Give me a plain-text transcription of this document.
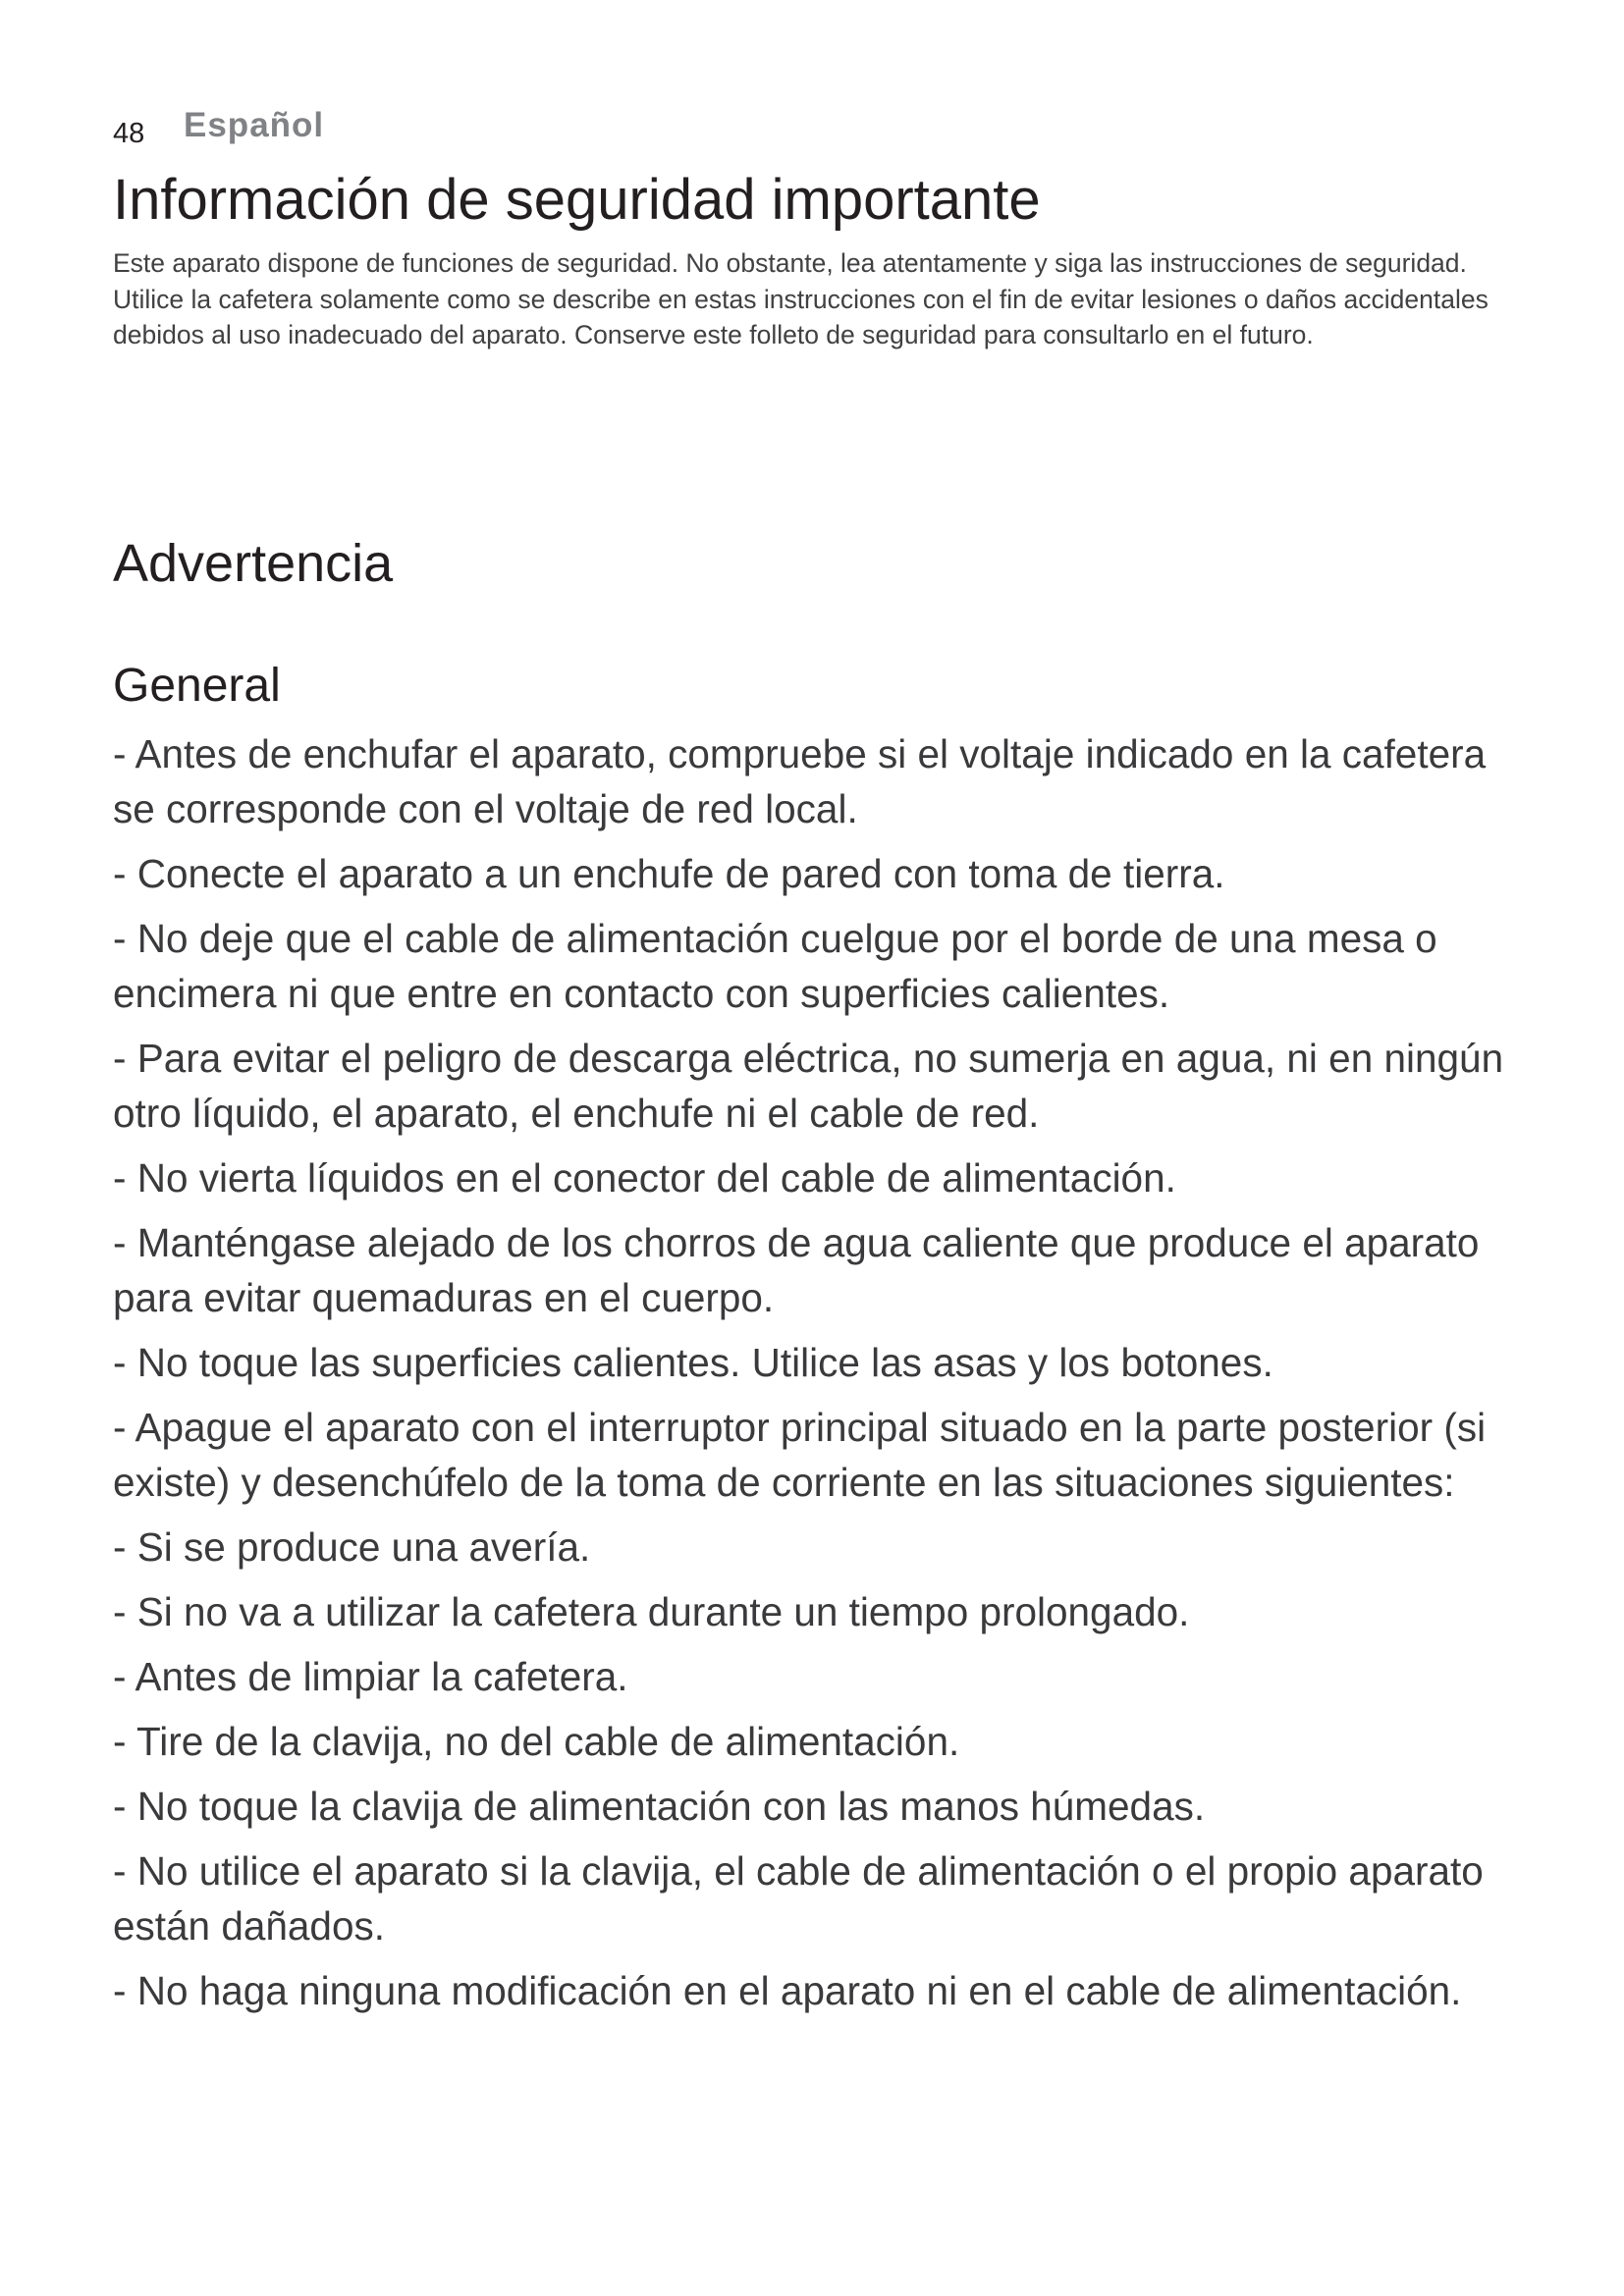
48 Español
Información de seguridad importante

Este aparato dispone de funciones de seguridad. No obstante, lea atentamente y siga las instrucciones de seguridad. Utilice la cafetera solamente como se describe en estas instrucciones con el fin de evitar lesiones o daños accidentales debidos al uso inadecuado del aparato. Conserve este folleto de seguridad para consultarlo en el futuro.

Advertencia
General
- Antes de enchufar el aparato, compruebe si el voltaje indicado en la cafetera se corresponde con el voltaje de red local.
- Conecte el aparato a un enchufe de pared con toma de tierra.
- No deje que el cable de alimentación cuelgue por el borde de una mesa o encimera ni que entre en contacto con superficies calientes.
- Para evitar el peligro de descarga eléctrica, no sumerja en agua, ni en ningún otro líquido, el aparato, el enchufe ni el cable de red.
- No vierta líquidos en el conector del cable de alimentación.
- Manténgase alejado de los chorros de agua caliente que produce el aparato para evitar quemaduras en el cuerpo.
- No toque las superficies calientes. Utilice las asas y los botones.
- Apague el aparato con el interruptor principal situado en la parte posterior (si existe) y desenchúfelo de la toma de corriente en las situaciones siguientes:
- Si se produce una avería.
- Si no va a utilizar la cafetera durante un tiempo prolongado.
- Antes de limpiar la cafetera.
- Tire de la clavija, no del cable de alimentación.
- No toque la clavija de alimentación con las manos húmedas.
- No utilice el aparato si la clavija, el cable de alimentación o el propio aparato están dañados.
- No haga ninguna modificación en el aparato ni en el cable de alimentación.
